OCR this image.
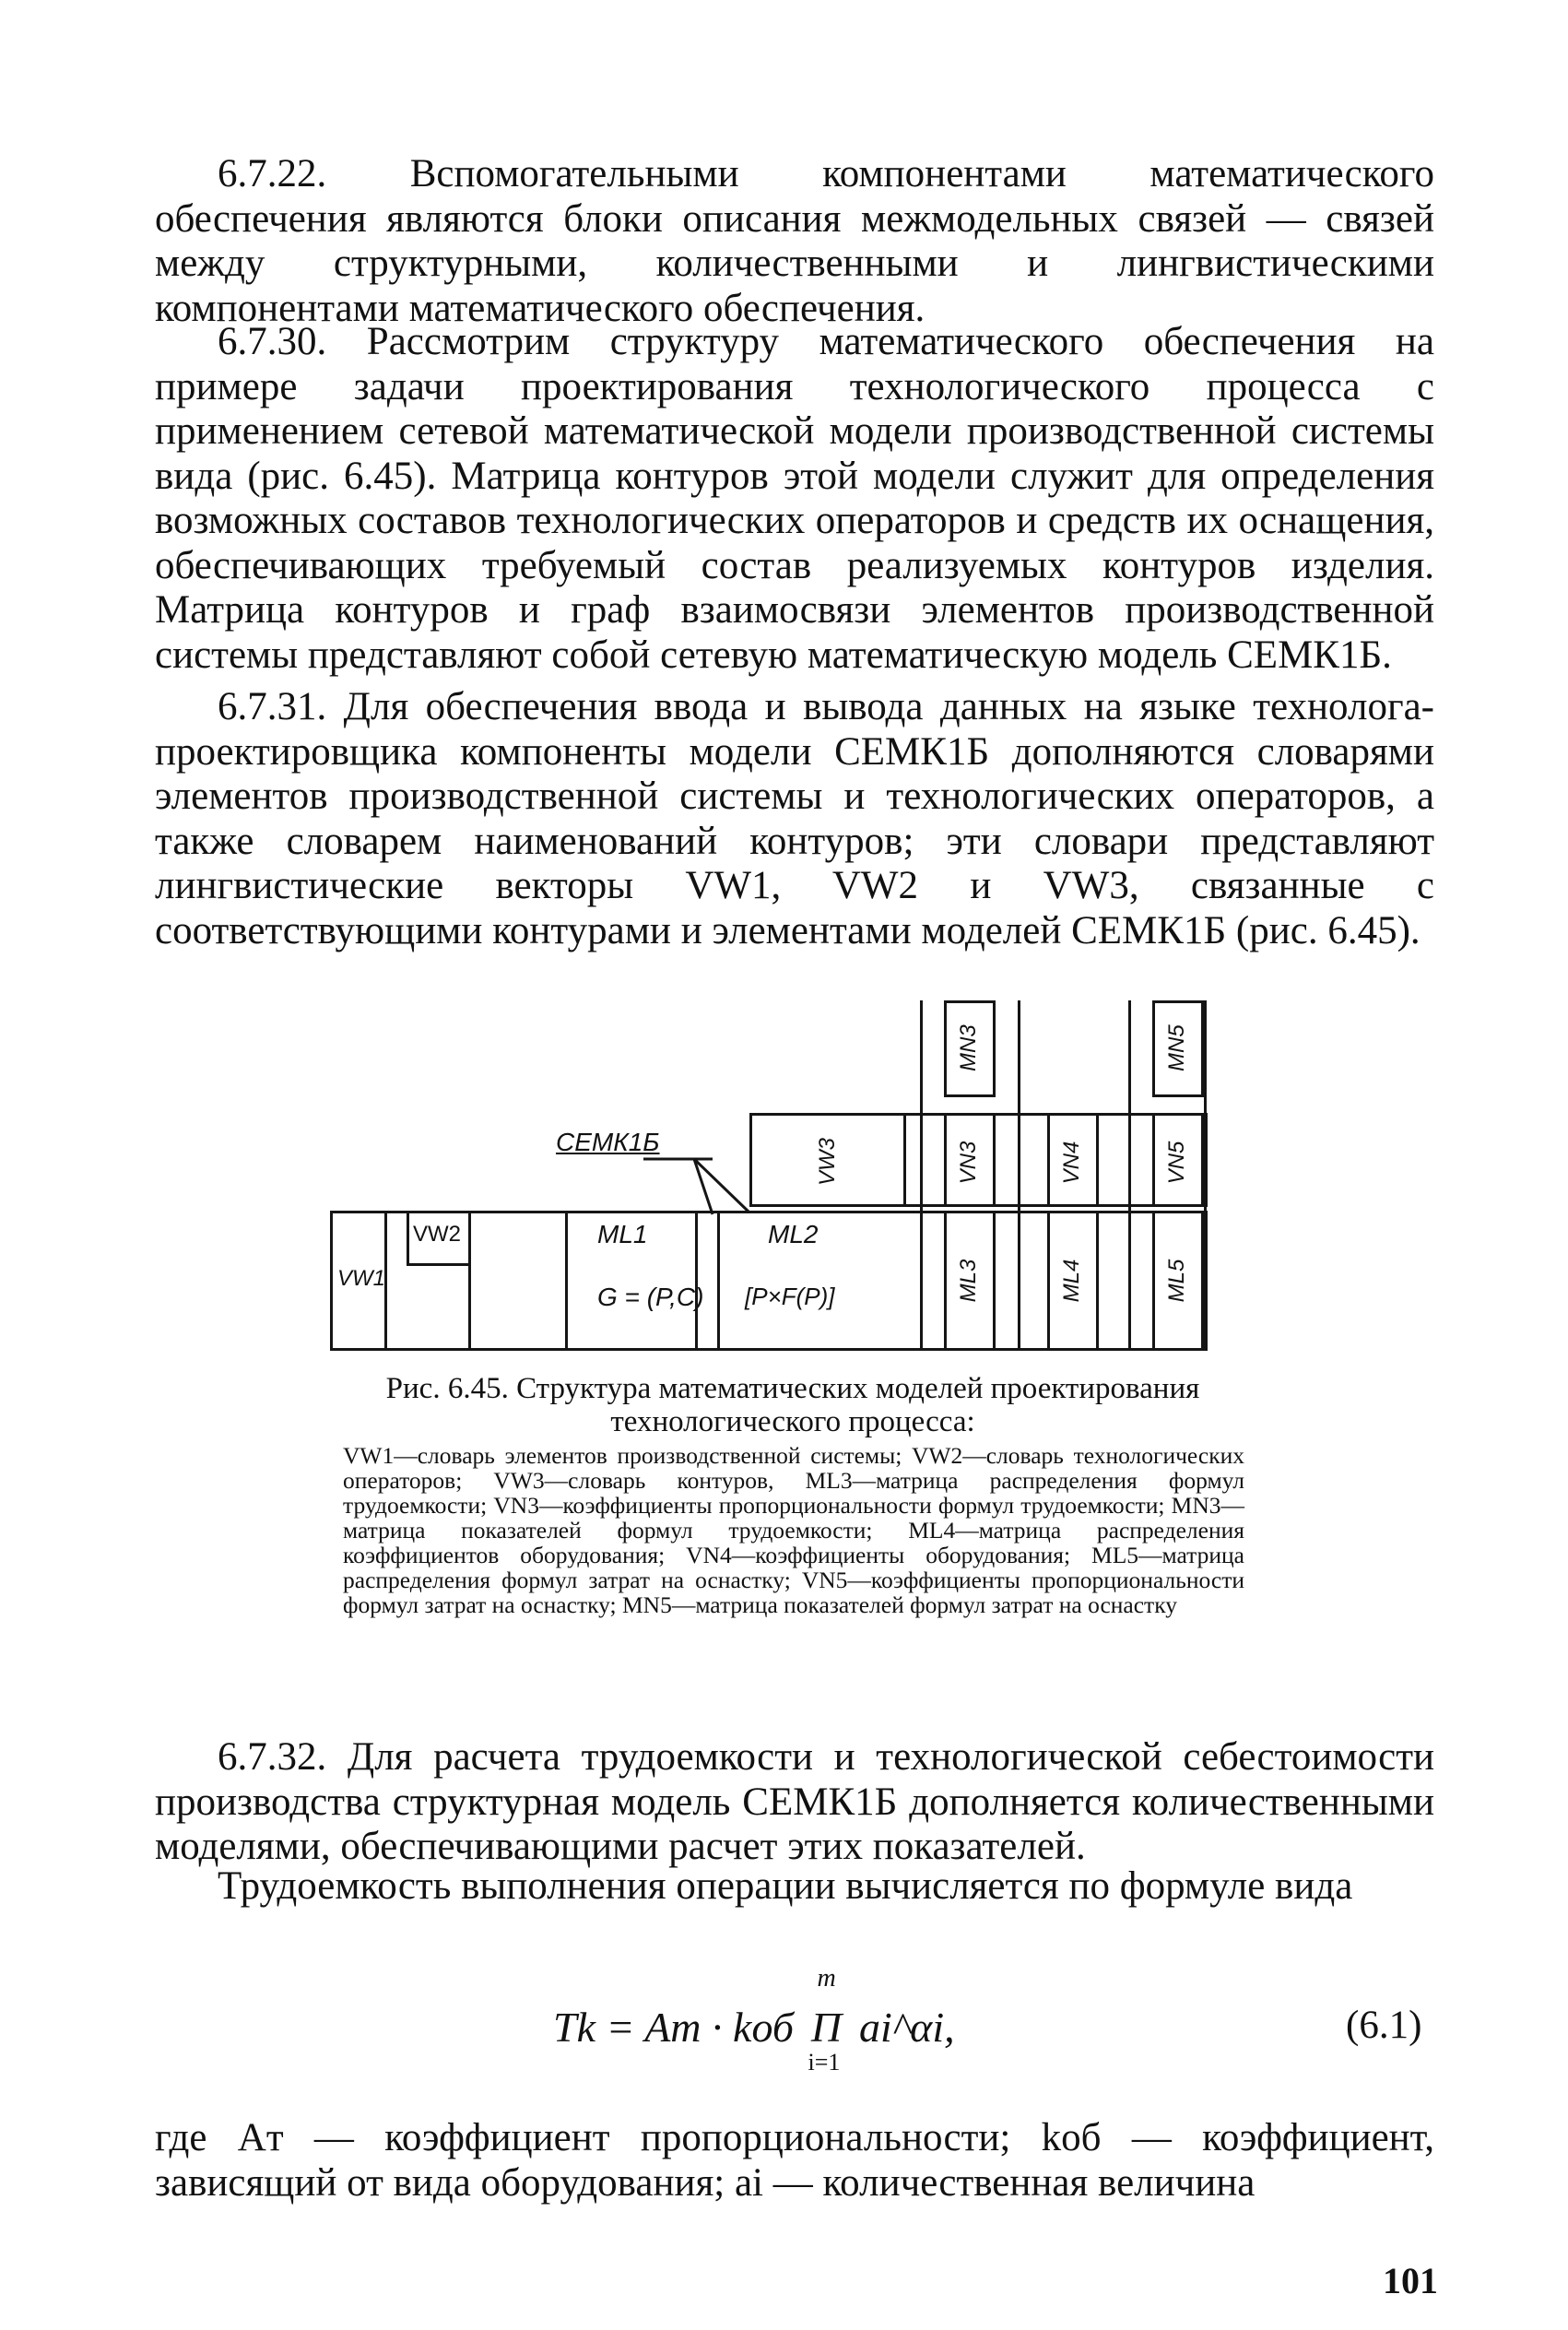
6.7.22. Вспомогательными компонентами математического обеспечения являются блоки описания межмодельных связей — связей между структурными, количественными и лингвистическими компонентами математического обеспечения.

6.7.30. Рассмотрим структуру математического обеспечения на примере задачи проектирования технологического процесса с применением сетевой математической модели производственной системы вида (рис. 6.45). Матрица контуров этой модели служит для определения возможных составов технологических операторов и средств их оснащения, обеспечивающих требуемый состав реализуемых контуров изделия. Матрица контуров и граф взаимосвязи элементов производственной системы представляют собой сетевую математическую модель СЕМК1Б.

6.7.31. Для обеспечения ввода и вывода данных на языке технолога-проектировщика компоненты модели СЕМК1Б дополняются словарями элементов производственной системы и технологических операторов, а также словарем наименований контуров; эти словари представляют лингвистические векторы VW1, VW2 и VW3, связанные с соответствующими контурами и элементами моделей СЕМК1Б (рис. 6.45).

MN3	MN5
VW3	VN3	VN4	VN5
СЕМК1Б
VW1
VW2	ML1
G = (P,C)
ML2
[P×F(P)]	ML3	ML4	ML5
Рис. 6.45. Структура математических моделей проектирования технологического процесса:
VW1—словарь элементов производственной системы; VW2—словарь технологических операторов; VW3—словарь контуров, ML3—матрица распределения формул трудоемкости; VN3—коэффициенты пропорциональности формул трудоемкости; MN3—матрица показателей формул трудоемкости; ML4—матрица распределения коэффициентов оборудования; VN4—коэффициенты оборудования; ML5—матрица распределения формул затрат на оснастку; VN5—коэффициенты пропорциональности формул затрат на оснастку; MN5—матрица показателей формул затрат на оснастку

6.7.32. Для расчета трудоемкости и технологической себестоимости производства структурная модель СЕМК1Б дополняется количественными моделями, обеспечивающими расчет этих показателей.

Трудоемкость выполнения операции вычисляется по формуле вида

Tk = Aт · kоб
m
Π
i=1
ai^αi,	(6.1)

где Aт — коэффициент пропорциональности; kоб — коэффициент, зависящий от вида оборудования; ai — количественная величина

101
